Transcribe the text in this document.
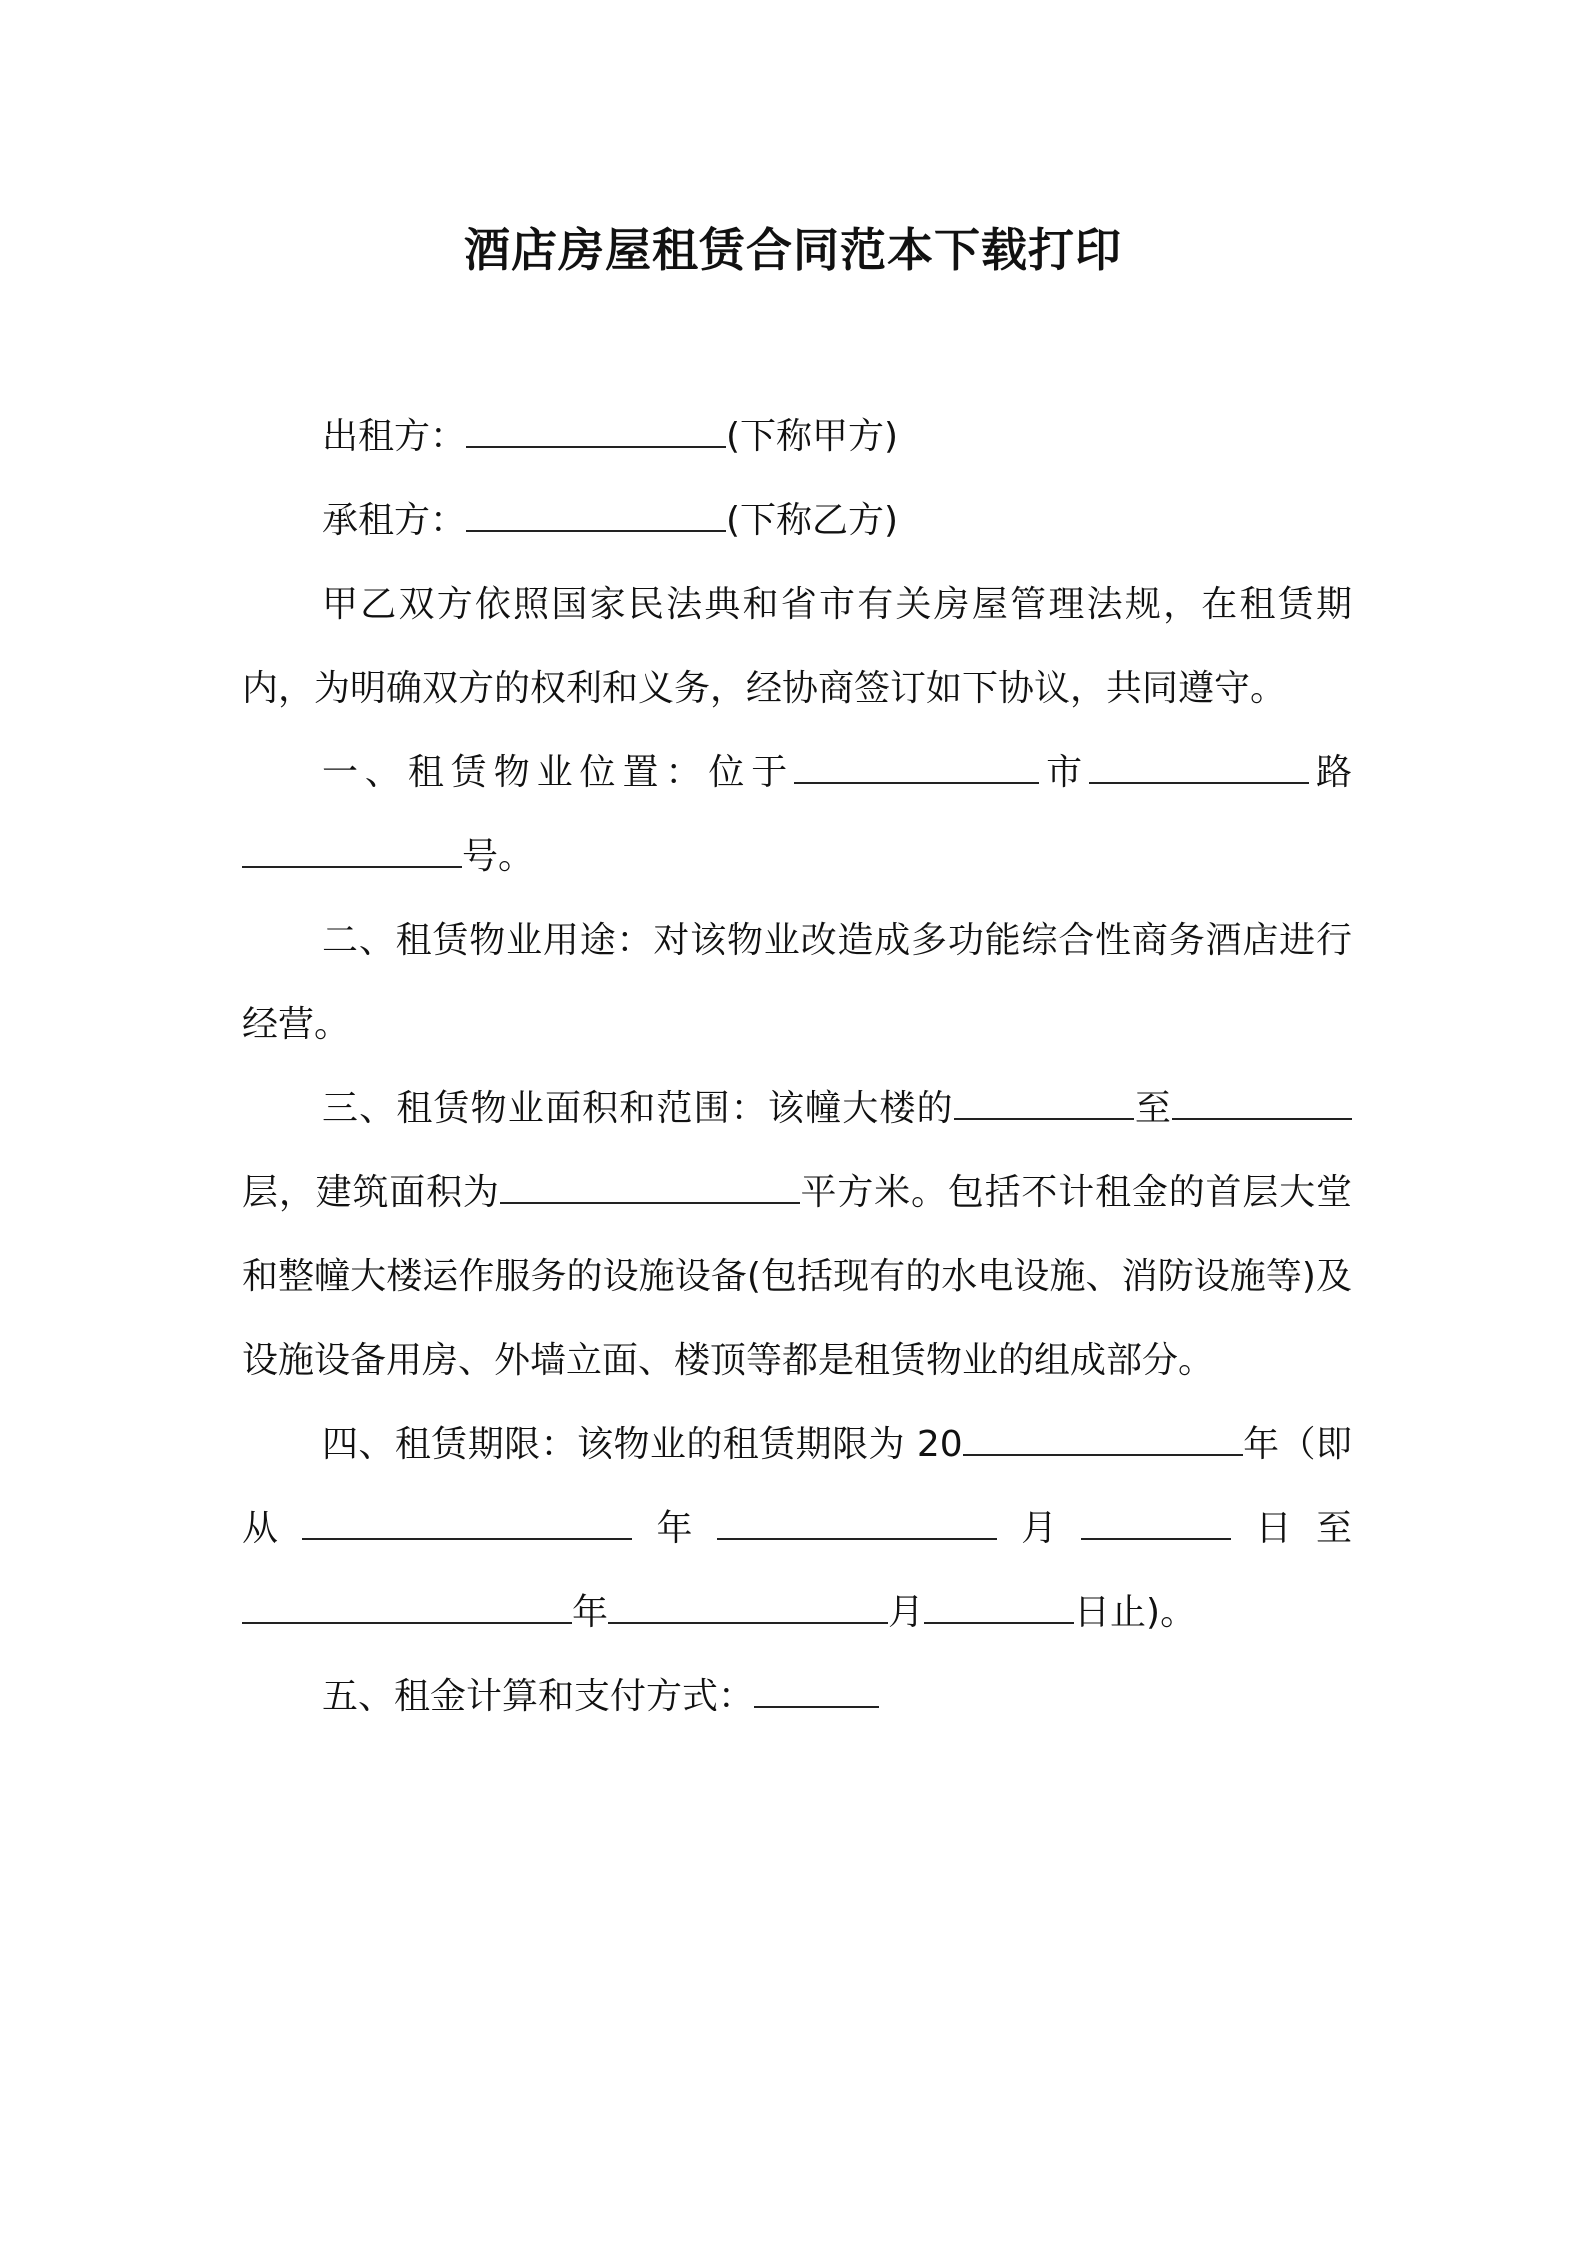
酒店房屋租赁合同范本下载打印

出租方：	(下称甲方)

承租方：	(下称乙方)

甲乙双方依照国家民法典和省市有关房屋管理法规，在租赁期内，为明确双方的权利和义务，经协商签订如下协议，共同遵守。

一、租赁物业位置：位于	市	路号。

二、租赁物业用途：对该物业改造成多功能综合性商务酒店进行经营。

三、租赁物业面积和范围：该幢大楼的	至层，建筑面积为	平方米。包括不计租金的首层大堂和整幢大楼运作服务的设施设备(包括现有的水电设施、消防设施等)及设施设备用房、外墙立面、楼顶等都是租赁物业的组成部分。

四、租赁期限：该物业的租赁期限为 20	年（即 从	年	月	日至年	月	日止)。

五、租金计算和支付方式：
